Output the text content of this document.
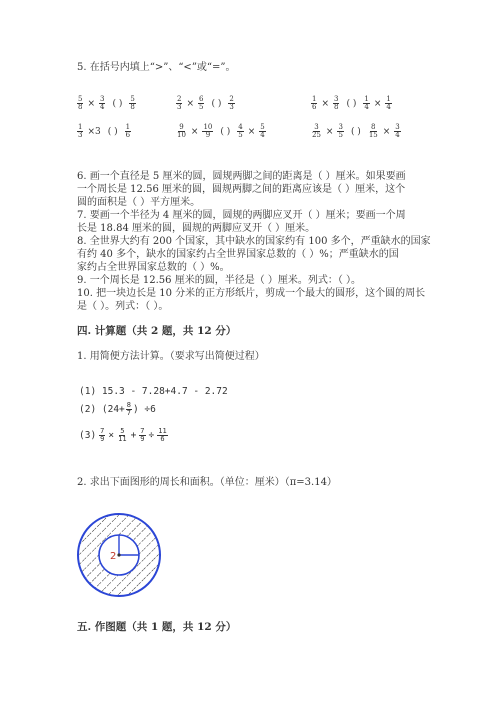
5. 在括号内填上“>”、“<”或“=”。
$\frac{5}{8} \times \frac{3}{4}$ ( ) $\frac{5}{8}$	$\frac{2}{3} \times \frac{6}{5}$ ( ) $\frac{2}{3}$	$\frac{1}{6} \times \frac{3}{8}$ ( ) $\frac{1}{4} \times \frac{1}{4}$
$\frac{1}{3} \times 3$ ( ) $\frac{1}{6}$	$\frac{9}{10} \times \frac{10}{9}$ ( ) $\frac{4}{5} \times \frac{5}{4}$	$\frac{3}{25} \times \frac{3}{5}$ ( ) $\frac{8}{15} \times \frac{3}{4}$
6. 画一个直径是 5 厘米的圆，圆规两脚之间的距离是（ ）厘米。如果要画
一个周长是 12.56 厘米的圆，圆规两脚之间的距离应该是（ ）厘米，这个
圆的面积是（ ）平方厘米。
7. 要画一个半径为 4 厘米的圆，圆规的两脚应叉开（ ）厘米；要画一个周
长是 18.84 厘米的圆，圆规的两脚应叉开（ ）厘米。
8. 全世界大约有 200 个国家，其中缺水的国家约有 100 多个，严重缺水的国家
有约 40 多个，缺水的国家约占全世界国家总数的（ ）%；严重缺水的国
家约占全世界国家总数的（ ）%。
9. 一个周长是 12.56 厘米的圆，半径是（ ）厘米。列式：（ ）。
10. 把一块边长是 10 分米的正方形纸片，剪成一个最大的圆形，这个圆的周长
是（ ）。列式：（ ）。
四. 计算题（共 2 题，共 12 分）
1. 用简便方法计算。（要求写出简便过程）
(1) 15.3 - 7.28+4.7 - 2.72
(2) ($24+ \frac{8}{7}$ ) ÷6
$(3) \frac{7}{9} \times \frac{5}{11} + \frac{7}{9} \div \frac{11}{6}$
2. 求出下面图形的周长和面积。（单位：厘米）（π=3.14）
2
五. 作图题（共 1 题，共 12 分）
